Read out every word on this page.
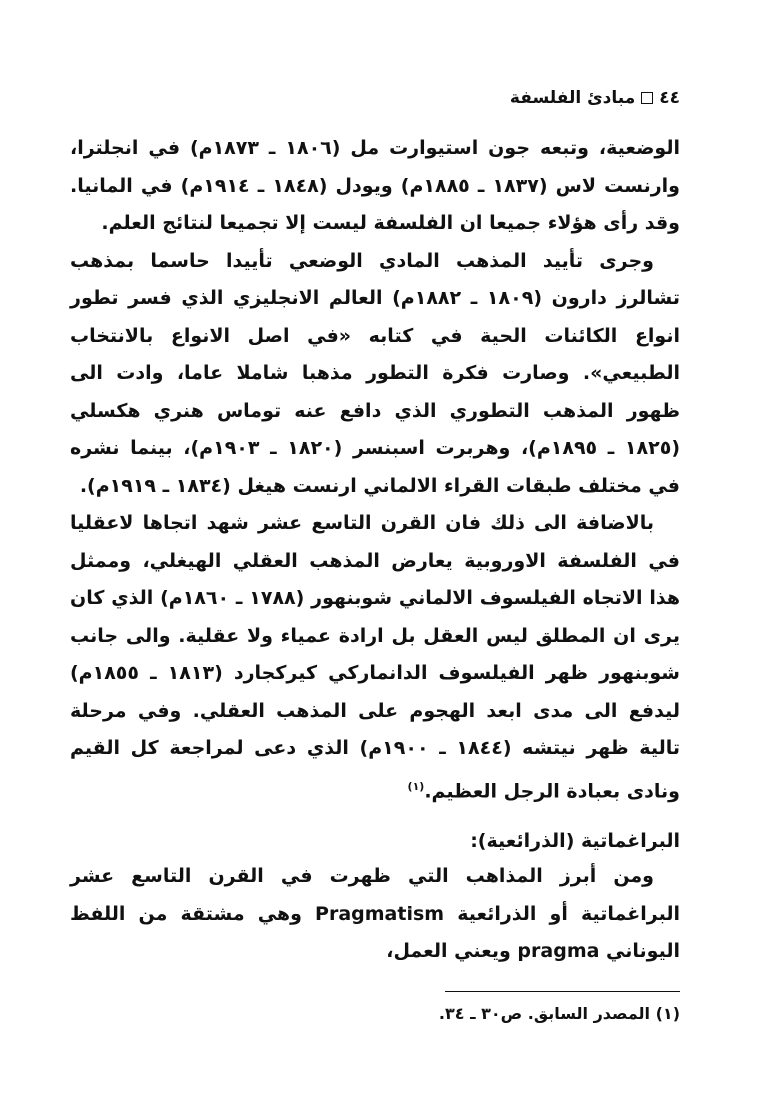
٤٤
مبادئ الفلسفة

الوضعية، وتبعه جون استيوارت مل (١٨٠٦ ـ ١٨٧٣م) في انجلترا، وارنست لاس (١٨٣٧ ـ ١٨٨٥م) ويودل (١٨٤٨ ـ ١٩١٤م) في المانيا. وقد رأى هؤلاء جميعا ان الفلسفة ليست إلا تجميعا لنتائج العلم.

وجرى تأييد المذهب المادي الوضعي تأييدا حاسما بمذهب تشالرز دارون (١٨٠٩ ـ ١٨٨٢م) العالم الانجليزي الذي فسر تطور انواع الكائنات الحية في كتابه «في اصل الانواع بالانتخاب الطبيعي». وصارت فكرة التطور مذهبا شاملا عاما، وادت الى ظهور المذهب التطوري الذي دافع عنه توماس هنري هكسلي (١٨٢٥ ـ ١٨٩٥م)، وهربرت اسبنسر (١٨٢٠ ـ ١٩٠٣م)، بينما نشره في مختلف طبقات القراء الالماني ارنست هيغل (١٨٣٤ ـ ١٩١٩م).

بالاضافة الى ذلك فان القرن التاسع عشر شهد اتجاها لاعقليا في الفلسفة الاوروبية يعارض المذهب العقلي الهيغلي، وممثل هذا الاتجاه الفيلسوف الالماني شوبنهور (١٧٨٨ ـ ١٨٦٠م) الذي كان يرى ان المطلق ليس العقل بل ارادة عمياء ولا عقلية. والى جانب شوبنهور ظهر الفيلسوف الدانماركي كيركجارد (١٨١٣ ـ ١٨٥٥م) ليدفع الى مدى ابعد الهجوم على المذهب العقلي. وفي مرحلة تالية ظهر نيتشه (١٨٤٤ ـ ١٩٠٠م) الذي دعى لمراجعة كل القيم ونادى بعبادة الرجل العظيم.$^{(١)}$

البراغماتية (الذرائعية):

ومن أبرز المذاهب التي ظهرت في القرن التاسع عشر البراغماتية أو الذرائعية Pragmatism وهي مشتقة من اللفظ اليوناني pragma ويعني العمل،

(١) المصدر السابق. ص٣٠ ـ ٣٤.
